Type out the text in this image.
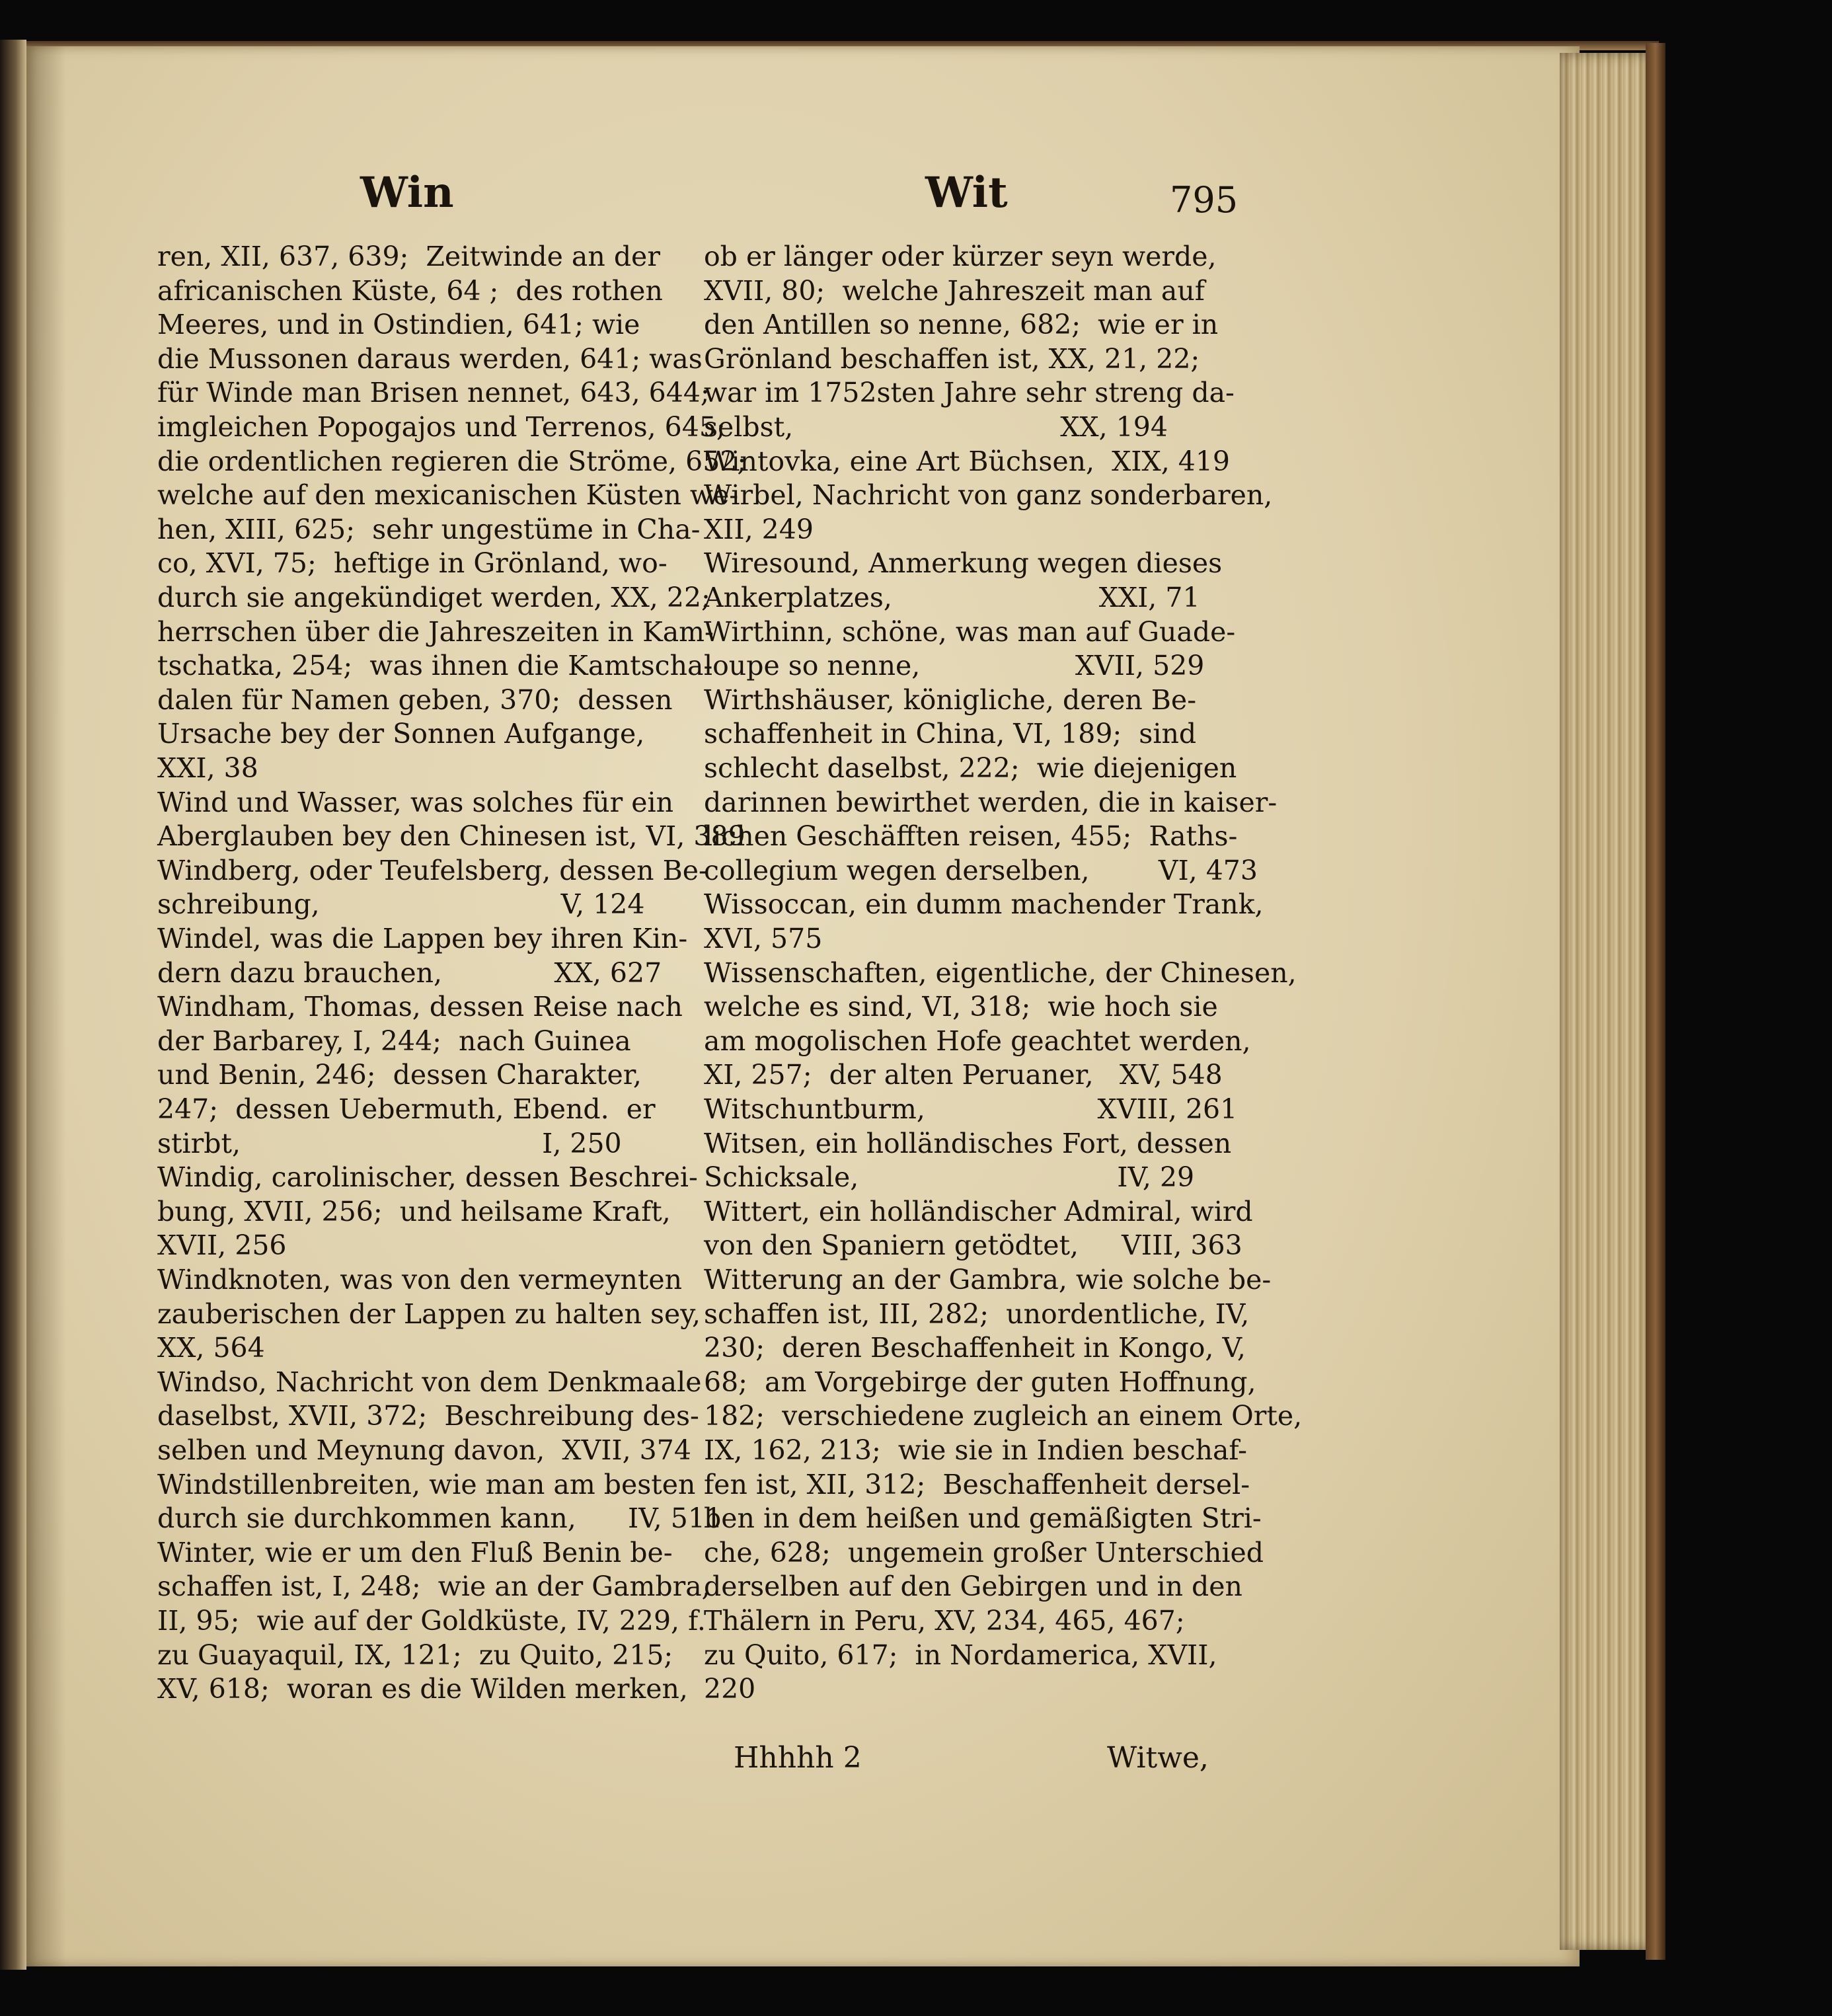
Win	Wit	795
ren, XII, 637, 639;  Zeitwinde an der
africanischen Küste, 64 ;  des rothen
Meeres, und in Ostindien, 641; wie
die Mussonen daraus werden, 641; was
für Winde man Brisen nennet, 643, 644;
imgleichen Popogajos und Terrenos, 645;
die ordentlichen regieren die Ströme, 652;
welche auf den mexicanischen Küsten we-
hen, XIII, 625;  sehr ungestüme in Cha-
co, XVI, 75;  heftige in Grönland, wo-
durch sie angekündiget werden, XX, 22;
herrschen über die Jahreszeiten in Kam-
tschatka, 254;  was ihnen die Kamtscha-
dalen für Namen geben, 370;  dessen
Ursache bey der Sonnen Aufgange,
XXI, 38
Wind und Wasser, was solches für ein
Aberglauben bey den Chinesen ist, VI, 389
Windberg, oder Teufelsberg, dessen Be-
schreibung,                            V, 124
Windel, was die Lappen bey ihren Kin-
dern dazu brauchen,             XX, 627
Windham, Thomas, dessen Reise nach
der Barbarey, I, 244;  nach Guinea
und Benin, 246;  dessen Charakter,
247;  dessen Uebermuth, Ebend.  er
stirbt,                                   I, 250
Windig, carolinischer, dessen Beschrei-
bung, XVII, 256;  und heilsame Kraft,
XVII, 256
Windknoten, was von den vermeynten
zauberischen der Lappen zu halten sey,
XX, 564
Windso, Nachricht von dem Denkmaale
daselbst, XVII, 372;  Beschreibung des-
selben und Meynung davon,  XVII, 374
Windstillenbreiten, wie man am besten
durch sie durchkommen kann,      IV, 511
Winter, wie er um den Fluß Benin be-
schaffen ist, I, 248;  wie an der Gambra,
II, 95;  wie auf der Goldküste, IV, 229, f.
zu Guayaquil, IX, 121;  zu Quito, 215;
XV, 618;  woran es die Wilden merken,
ob er länger oder kürzer seyn werde,
XVII, 80;  welche Jahreszeit man auf
den Antillen so nenne, 682;  wie er in
Grönland beschaffen ist, XX, 21, 22;
war im 1752sten Jahre sehr streng da-
selbst,                               XX, 194
Wintovka, eine Art Büchsen,  XIX, 419
Wirbel, Nachricht von ganz sonderbaren,
XII, 249
Wiresound, Anmerkung wegen dieses
Ankerplatzes,                        XXI, 71
Wirthinn, schöne, was man auf Guade-
loupe so nenne,                  XVII, 529
Wirthshäuser, königliche, deren Be-
schaffenheit in China, VI, 189;  sind
schlecht daselbst, 222;  wie diejenigen
darinnen bewirthet werden, die in kaiser-
lichen Geschäfften reisen, 455;  Raths-
collegium wegen derselben,        VI, 473
Wissoccan, ein dumm machender Trank,
XVI, 575
Wissenschaften, eigentliche, der Chinesen,
welche es sind, VI, 318;  wie hoch sie
am mogolischen Hofe geachtet werden,
XI, 257;  der alten Peruaner,   XV, 548
Witschuntburm,                    XVIII, 261
Witsen, ein holländisches Fort, dessen
Schicksale,                              IV, 29
Wittert, ein holländischer Admiral, wird
von den Spaniern getödtet,     VIII, 363
Witterung an der Gambra, wie solche be-
schaffen ist, III, 282;  unordentliche, IV,
230;  deren Beschaffenheit in Kongo, V,
68;  am Vorgebirge der guten Hoffnung,
182;  verschiedene zugleich an einem Orte,
IX, 162, 213;  wie sie in Indien beschaf-
fen ist, XII, 312;  Beschaffenheit dersel-
ben in dem heißen und gemäßigten Stri-
che, 628;  ungemein großer Unterschied
derselben auf den Gebirgen und in den
Thälern in Peru, XV, 234, 465, 467;
zu Quito, 617;  in Nordamerica, XVII,
220
Hhhhh 2	Witwe,
